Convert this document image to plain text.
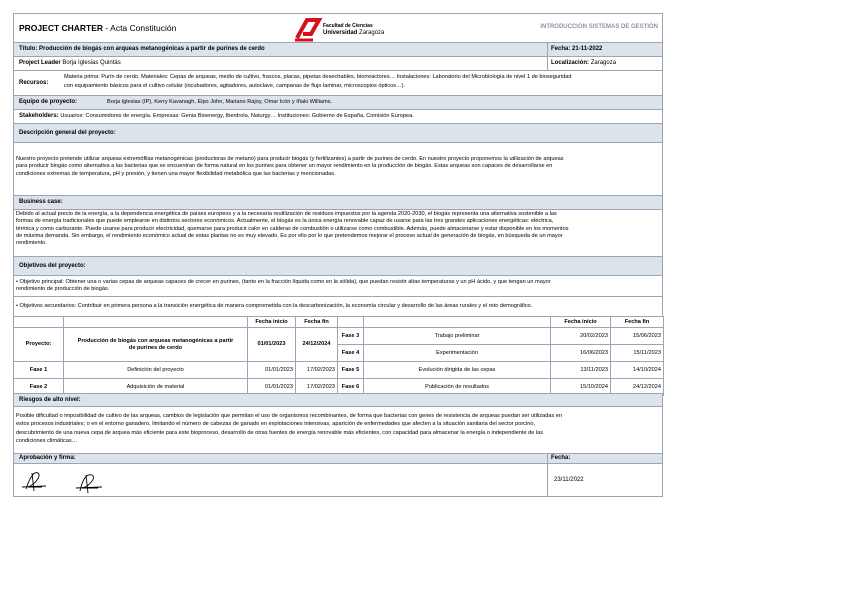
PROJECT CHARTER - Acta Constitución	Facultad de Ciencias
Universidad Zaragoza
INTRODUCCIÓN SISTEMAS DE GESTIÓN
Título: Producción de biogás con arqueas metanogénicas a partir de purines de cerdo	Fecha: 21-11-2022
Project Leader Borja Iglesias Quintás	Localización: Zaragoza
Recursos:
Materia prima: Purín de cerdo. Materiales: Cepas de arqueas, medio de cultivo, frascos, placas, pipetas desechables, biorreactores… Instalaciones: Laboratorio del Microbiología de nivel 1 de bioseguridad
con equipamiento básicos para el cultivo celular (incubadores, agitadores, autoclave, campanas de flujo laminar, microscopios ópticos…).
Equipo de proyecto:	Borja Iglesias (IP), Kerry Kavanagh, Elpo John, Mariano Rajoy, Omar Icón y Iñaki Williams.
Stakeholders: Usuarios: Consumidores de energía. Empresas: Genia Bioenergy, Iberdrola, Naturgy… Instituciones: Gobierno de España, Comisión Europea.
Descripción general del proyecto:
Nuestro proyecto pretende utilizar arqueas extremófilas metanogénicas (productoras de metano) para producir biogás (y fertilizantes) a partir de purines de cerdo. En nuestro proyecto proponemos la utilización de arqueas
para producir biogás como alternativa a las bacterias que se encuentran de forma natural en los purines para obtener un mayor rendimiento en la producción de biogás. Estas arqueas son capaces de desarrollarse en
condiciones extremas de temperatura, pH y presión, y tienen una mayor flexibilidad metabólica que las bacterias y mencionadas.
Business case:
Debido al actual precio de la energía, a la dependencia energética de países europeos y a la necesaria reutilización de residuos impuestos por la agenda 2020-2030, el biogás representa una alternativa sostenible a las
formas de energía tradicionales que puede emplearse en distintos sectores económicos. Actualmente, el biogás es la única energía renovable capaz de usarse para las tres grandes aplicaciones energéticas: eléctrica,
térmica y como carburante. Puede usarse para producir electricidad, quemarse para producir calor en calderas de combustión o utilizarse como combustible. Además, puede almacenarse y estar disponible en los momentos
de máxima demanda. Sin embargo, el rendimiento económico actual de estas plantas no es muy elevado. Es por ello por lo que pretendemos mejorar el proceso actual de generación de biogás, en búsqueda de un mayor
rendimiento.
Objetivos del proyecto:
• Objetivo principal: Obtener una o varias cepas de arqueas capaces de crecer en purines, (tanto en la fracción líquida como en la sólida), que puedan resistir altas temperaturas y un pH ácido, y que tengan un mayor
rendimiento de producción de biogás.
• Objetivos secundarios: Contribuir en primera persona a la transición energética de manera comprometida con la descarbonización, la economía circular y desarrollo de las áreas rurales y el reto demográfico.
		Fecha inicio	Fecha fin			Fecha inicio	Fecha fin
Proyecto:	Producción de biogás con arqueas metanogénicas a partir
de purines de cerdo	01/01/2023	24/12/2024	Fase 3	Trabajo preliminar	20/02/2023	15/06/2023
				Fase 4	Experimentación	16/06/2023	15/11/2023
Fase 1	Definición del proyecto	01/01/2023	17/02/2023	Fase 5	Evolución dirigida de las cepas	13/11/2023	14/10/2024
Fase 2	Adquisición de material	01/01/2023	17/02/2023	Fase 6	Publicación de resultados	15/10/2024	24/12/2024
Riesgos de alto nivel:
Posible dificultad o imposibilidad de cultivo de las arqueas, cambios de legislación que permitan el uso de organismos recombinantes, de forma que bacterias con genes de resistencia de arqueas puedan ser utilizadas en
estos procesos industriales; o en el entorno ganadero, limitando el número de cabezas de ganado en explotaciones intensivas, aparición de enfermedades que afecten a la situación sanitaria del sector porcino,
descubrimiento de una nueva cepa de arquea más eficiente para este bioproceso, desarrollo de otras fuentes de energía renovable más eficientes, con capacidad para almacenar la energía o independiente de las
condiciones climáticas…
Aprobación y firma:	Fecha:
23/11/2022
